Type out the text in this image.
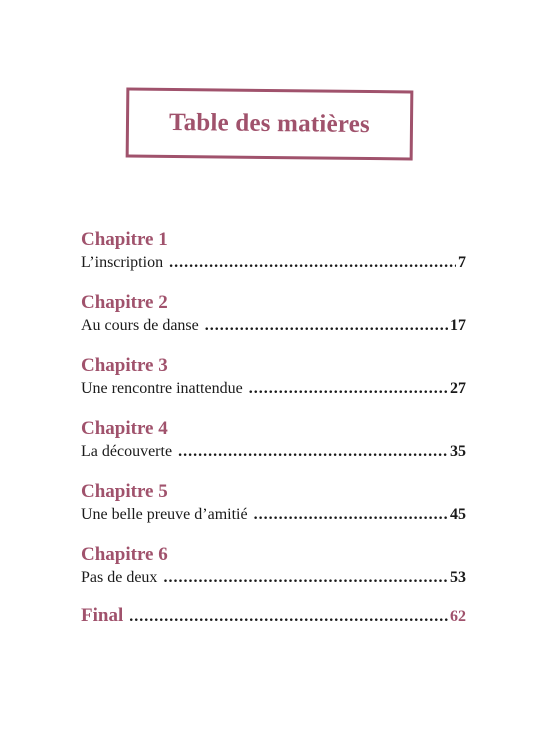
Table des matières
Chapitre 1
L’inscription .....	7
Chapitre 2
Au cours de danse .....	17
Chapitre 3
Une rencontre inattendue .....	27
Chapitre 4
La découverte .....	35
Chapitre 5
Une belle preuve d’amitié .....	45
Chapitre 6
Pas de deux .....	53
Final .....	62
